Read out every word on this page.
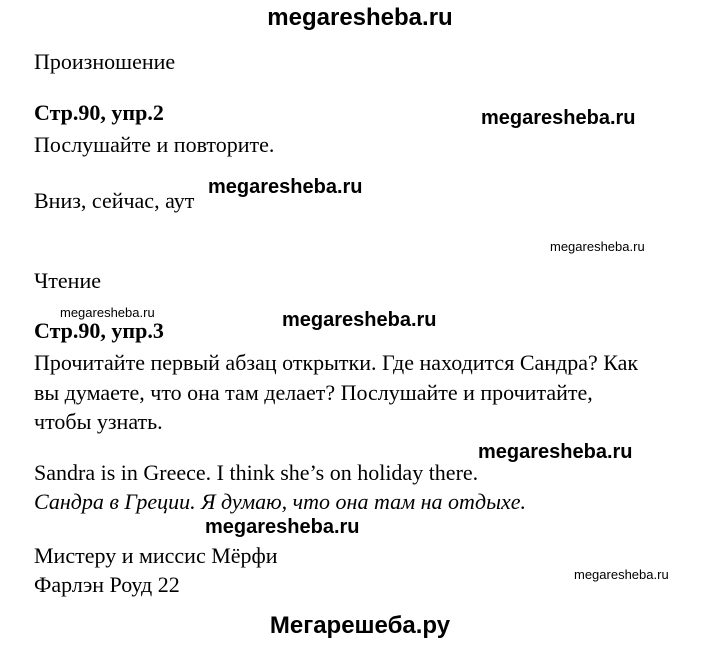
megaresheba.ru
Произношение
Стр.90, упр.2
Послушайте и повторите.
Вниз, сейчас, аут
Чтение
Стр.90, упр.3
Прочитайте первый абзац открытки. Где находится Сандра? Как
вы думаете, что она там делает? Послушайте и прочитайте,
чтобы узнать.
Sandra is in Greece. I think she’s on holiday there.
Сандра в Греции. Я думаю, что она там на отдыхе.
Мистеру и миссис Мёрфи
Фарлэн Роуд 22
megaresheba.ru
megaresheba.ru
megaresheba.ru
megaresheba.ru	megaresheba.ru
megaresheba.ru
megaresheba.ru
megaresheba.ru
Мегарешеба.ру
